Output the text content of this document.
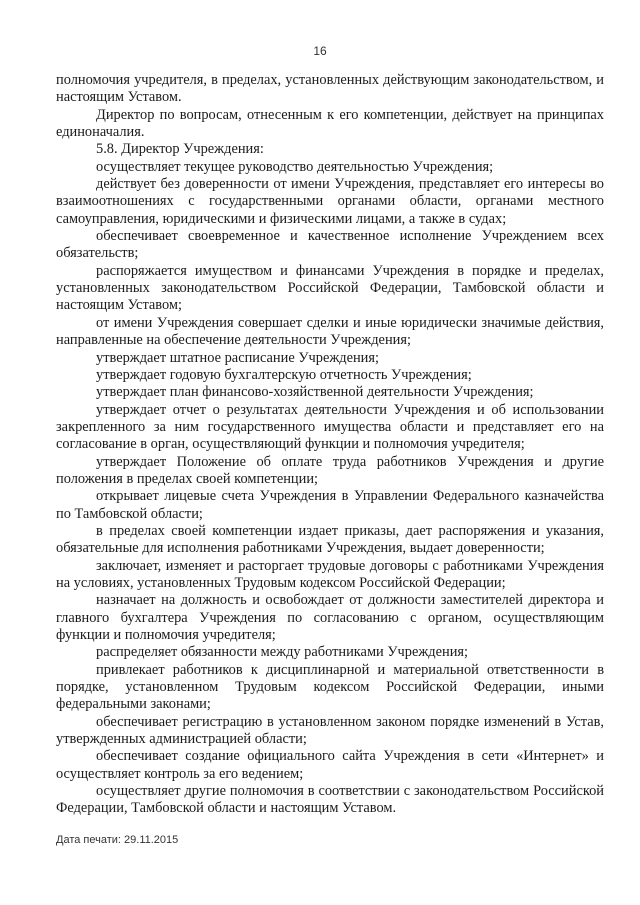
16

полномочия учредителя, в пределах, установленных действующим законодательством, и настоящим Уставом.

Директор по вопросам, отнесенным к его компетенции, действует на принципах единоначалия.

5.8. Директор Учреждения:

осуществляет текущее руководство деятельностью Учреждения;

действует без доверенности от имени Учреждения, представляет его интересы во взаимоотношениях с государственными органами области, органами местного самоуправления, юридическими и физическими лицами, а также в судах;

обеспечивает своевременное и качественное исполнение Учреждением всех обязательств;

распоряжается имуществом и финансами Учреждения в порядке и пределах, установленных законодательством Российской Федерации, Тамбовской области и настоящим Уставом;

от имени Учреждения совершает сделки и иные юридически значимые действия, направленные на обеспечение деятельности Учреждения;

утверждает штатное расписание Учреждения;

утверждает годовую бухгалтерскую отчетность Учреждения;

утверждает план финансово-хозяйственной деятельности Учреждения;

утверждает отчет о результатах деятельности Учреждения и об использовании закрепленного за ним государственного имущества области и представляет его на согласование в орган, осуществляющий функции и полномочия учредителя;

утверждает Положение об оплате труда работников Учреждения и другие положения в пределах своей компетенции;

открывает лицевые счета Учреждения в Управлении Федерального казначейства по Тамбовской области;

в пределах своей компетенции издает приказы, дает распоряжения и указания, обязательные для исполнения работниками Учреждения, выдает доверенности;

заключает, изменяет и расторгает трудовые договоры с работниками Учреждения на условиях, установленных Трудовым кодексом Российской Федерации;

назначает на должность и освобождает от должности заместителей директора и главного бухгалтера Учреждения по согласованию с органом, осуществляющим функции и полномочия учредителя;

распределяет обязанности между работниками Учреждения;

привлекает работников к дисциплинарной и материальной ответственности в порядке, установленном Трудовым кодексом Российской Федерации, иными федеральными законами;

обеспечивает регистрацию в установленном законом порядке изменений в Устав, утвержденных администрацией области;

обеспечивает создание официального сайта Учреждения в сети «Интернет» и осуществляет контроль за его ведением;

осуществляет другие полномочия в соответствии с законодательством Российской Федерации, Тамбовской области и настоящим Уставом.

Дата печати: 29.11.2015
